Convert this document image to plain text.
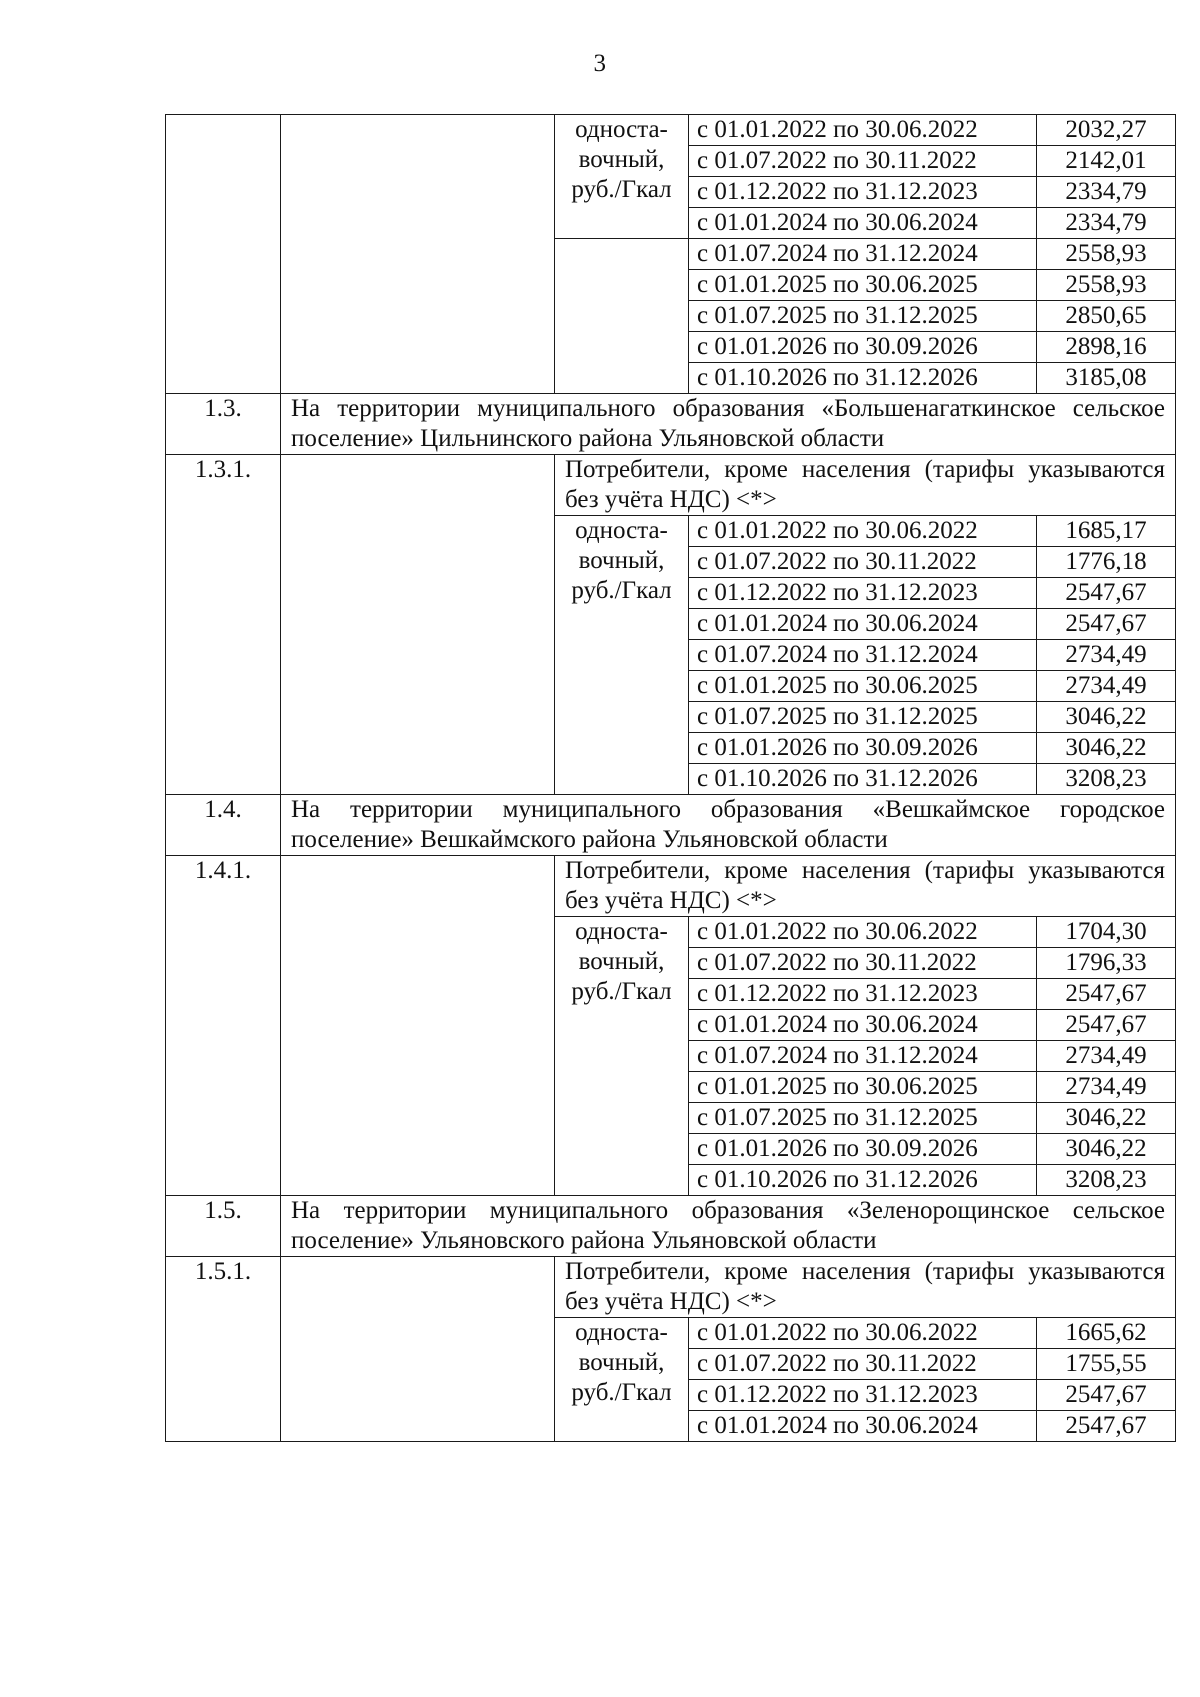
3
		односта-
вочный,
руб./Гкал	с 01.01.2022 по 30.06.2022	2032,27
			с 01.07.2022 по 30.11.2022	2142,01
			с 01.12.2022 по 31.12.2023	2334,79
			с 01.01.2024 по 30.06.2024	2334,79
			с 01.07.2024 по 31.12.2024	2558,93
			с 01.01.2025 по 30.06.2025	2558,93
			с 01.07.2025 по 31.12.2025	2850,65
			с 01.01.2026 по 30.09.2026	2898,16
			с 01.10.2026 по 31.12.2026	3185,08
1.3.	На территории муниципального образования «Большенагаткинское сельское поселение» Цильнинского района Ульяновской области			
1.3.1.		Потребители, кроме населения (тарифы указываются без учёта НДС) <*>		
		односта-
вочный,
руб./Гкал	с 01.01.2022 по 30.06.2022	1685,17
			с 01.07.2022 по 30.11.2022	1776,18
			с 01.12.2022 по 31.12.2023	2547,67
			с 01.01.2024 по 30.06.2024	2547,67
			с 01.07.2024 по 31.12.2024	2734,49
			с 01.01.2025 по 30.06.2025	2734,49
			с 01.07.2025 по 31.12.2025	3046,22
			с 01.01.2026 по 30.09.2026	3046,22
			с 01.10.2026 по 31.12.2026	3208,23
1.4.	На территории муниципального образования «Вешкаймское городское поселение» Вешкаймского района Ульяновской области			
1.4.1.		Потребители, кроме населения (тарифы указываются без учёта НДС) <*>		
		односта-
вочный,
руб./Гкал	с 01.01.2022 по 30.06.2022	1704,30
			с 01.07.2022 по 30.11.2022	1796,33
			с 01.12.2022 по 31.12.2023	2547,67
			с 01.01.2024 по 30.06.2024	2547,67
			с 01.07.2024 по 31.12.2024	2734,49
			с 01.01.2025 по 30.06.2025	2734,49
			с 01.07.2025 по 31.12.2025	3046,22
			с 01.01.2026 по 30.09.2026	3046,22
			с 01.10.2026 по 31.12.2026	3208,23
1.5.	На территории муниципального образования «Зеленорощинское сельское поселение» Ульяновского района Ульяновской области			
1.5.1.		Потребители, кроме населения (тарифы указываются без учёта НДС) <*>		
		односта-
вочный,
руб./Гкал	с 01.01.2022 по 30.06.2022	1665,62
			с 01.07.2022 по 30.11.2022	1755,55
			с 01.12.2022 по 31.12.2023	2547,67
			с 01.01.2024 по 30.06.2024	2547,67
